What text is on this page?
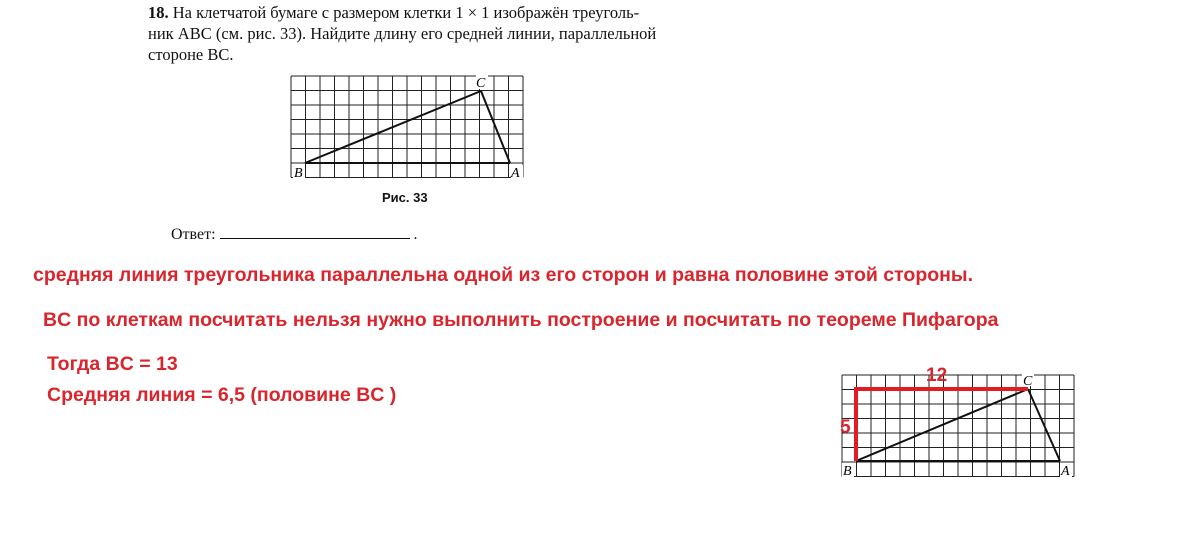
18. На клетчатой бумаге с размером клетки 1 × 1 изображён треуголь-
ник ABC (см. рис. 33). Найдите длину его средней линии, параллельной
стороне BC.
B
C
A
Рис. 33
Ответ:	.
средняя линия треугольника параллельна одной из его сторон и равна половине этой стороны.
BC по клеткам посчитать нельзя нужно выполнить построение и посчитать по теореме Пифагора
Тогда BC = 13
Средняя линия = 6,5 (половине BC )
12
5
B
C
A
